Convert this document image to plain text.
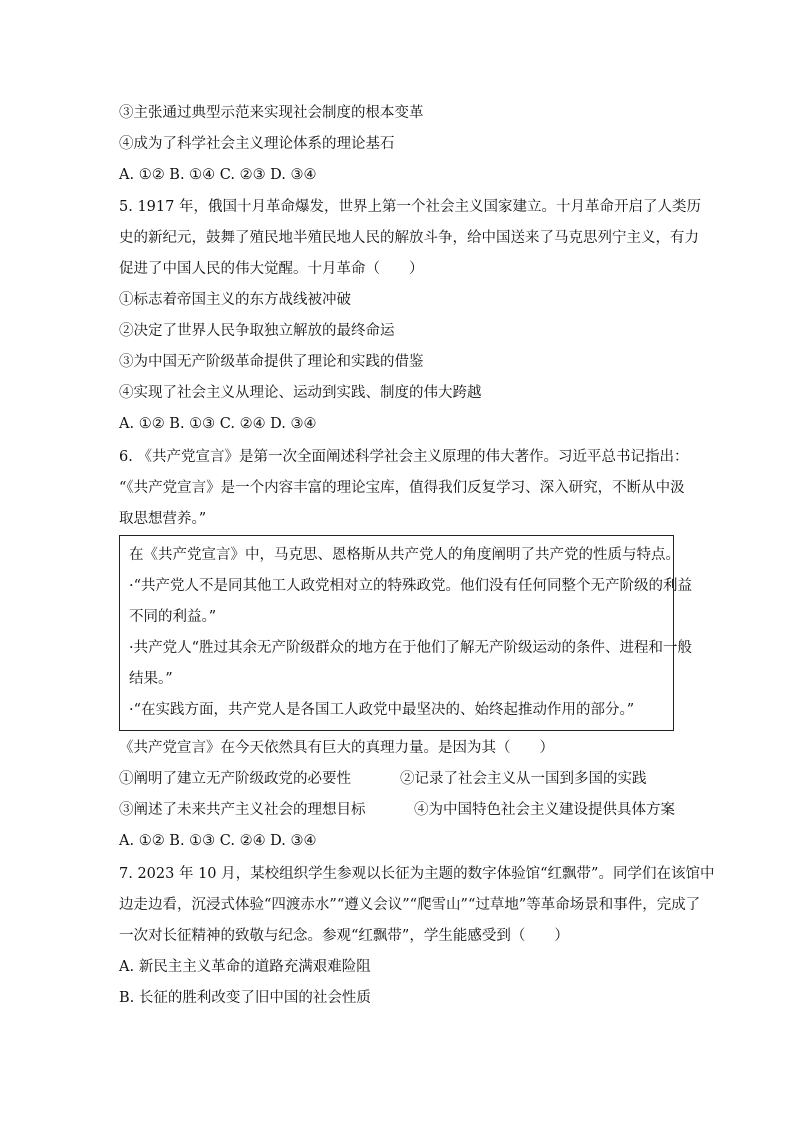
③主张通过典型示范来实现社会制度的根本变革
④成为了科学社会主义理论体系的理论基石
A. ①② B. ①④ C. ②③ D. ③④
5. 1917 年，俄国十月革命爆发，世界上第一个社会主义国家建立。十月革命开启了人类历
史的新纪元，鼓舞了殖民地半殖民地人民的解放斗争，给中国送来了马克思列宁主义，有力
促进了中国人民的伟大觉醒。十月革命（　　）
①标志着帝国主义的东方战线被冲破
②决定了世界人民争取独立解放的最终命运
③为中国无产阶级革命提供了理论和实践的借鉴
④实现了社会主义从理论、运动到实践、制度的伟大跨越
A. ①② B. ①③ C. ②④ D. ③④
6. 《共产党宣言》是第一次全面阐述科学社会主义原理的伟大著作。习近平总书记指出：
“《共产党宣言》是一个内容丰富的理论宝库，值得我们反复学习、深入研究，不断从中汲
取思想营养。”
在《共产党宣言》中，马克思、恩格斯从共产党人的角度阐明了共产党的性质与特点。
·“共产党人不是同其他工人政党相对立的特殊政党。他们没有任何同整个无产阶级的利益
不同的利益。”
·共产党人“胜过其余无产阶级群众的地方在于他们了解无产阶级运动的条件、进程和一般
结果。”
·“在实践方面，共产党人是各国工人政党中最坚决的、始终起推动作用的部分。”
《共产党宣言》在今天依然具有巨大的真理力量。是因为其（　　）
①阐明了建立无产阶级政党的必要性	②记录了社会主义从一国到多国的实践
③阐述了未来共产主义社会的理想目标	④为中国特色社会主义建设提供具体方案
A. ①② B. ①③ C. ②④ D. ③④
7. 2023 年 10 月，某校组织学生参观以长征为主题的数字体验馆“红飘带”。同学们在该馆中
边走边看，沉浸式体验“四渡赤水”“遵义会议”“爬雪山”“过草地”等革命场景和事件，完成了
一次对长征精神的致敬与纪念。参观“红飘带”，学生能感受到（　　）
A. 新民主主义革命的道路充满艰难险阻
B. 长征的胜利改变了旧中国的社会性质
